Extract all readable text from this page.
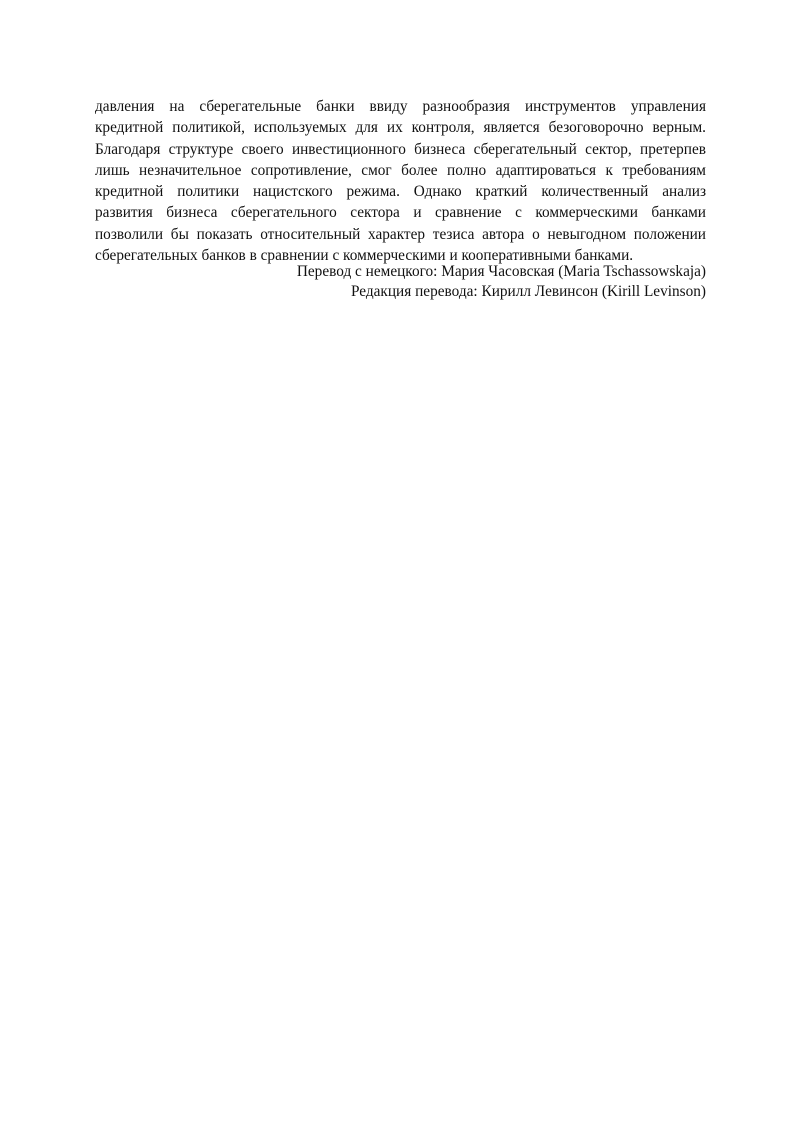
давления на сберегательные банки ввиду разнообразия инструментов управления
кредитной политикой, используемых для их контроля, является безоговорочно верным.
Благодаря структуре своего инвестиционного бизнеса сберегательный сектор, претерпев
лишь незначительное сопротивление, смог более полно адаптироваться к требованиям
кредитной политики нацистского режима. Однако краткий количественный анализ
развития бизнеса сберегательного сектора и сравнение с коммерческими банками
позволили бы показать относительный характер тезиса автора о невыгодном положении
сберегательных банков в сравнении с коммерческими и кооперативными банками.
Перевод с немецкого: Мария Часовская (Maria Tschassowskaja)
Редакция перевода: Кирилл Левинсон (Kirill Levinson)
